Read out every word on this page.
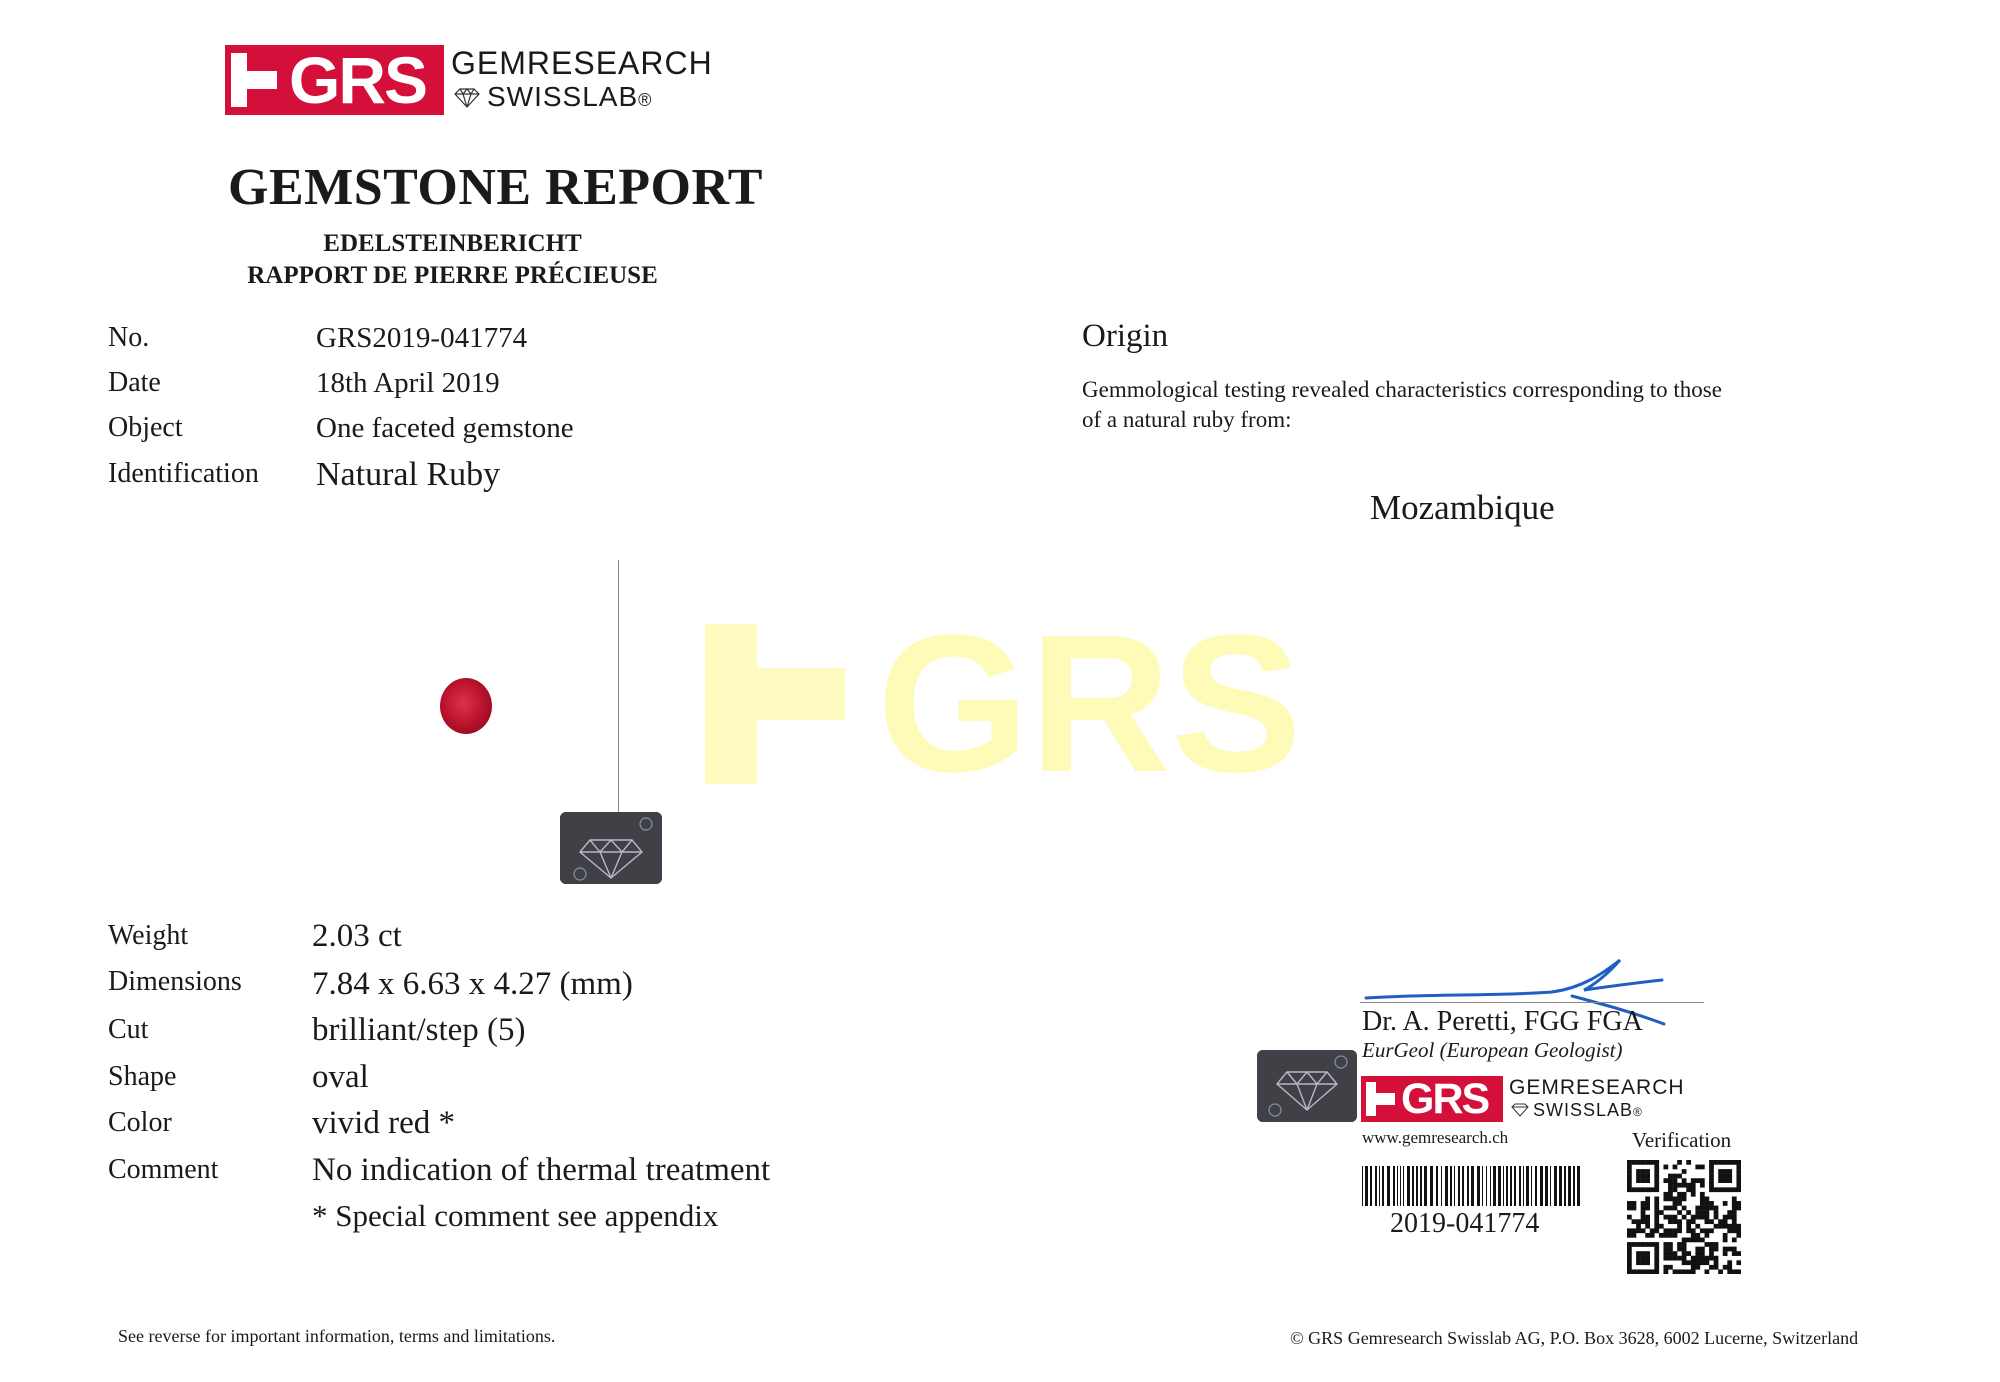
GRS
GRS GEMRESEARCH
SWISSLAB®
GEMSTONE REPORT
EDELSTEINBERICHT
RAPPORT DE PIERRE PRÉCIEUSE
No.	GRS2019-041774
Date	18th April 2019
Object	One faceted gemstone
Identification Natural Ruby
Weight	2.03 ct
Dimensions 7.84 x 6.63 x 4.27 (mm)
Cut	brilliant/step (5)
Shape	oval
Color	vivid red *
Comment	No indication of thermal treatment
* Special comment see appendix
Origin
Gemmological testing revealed characteristics corresponding to those
of a natural ruby from:
Mozambique
Dr. A. Peretti, FGG FGA
EurGeol (European Geologist)
GRS GEMRESEARCH
SWISSLAB®
www.gemresearch.ch	Verification
2019-041774
See reverse for important information, terms and limitations.	© GRS Gemresearch Swisslab AG, P.O. Box 3628, 6002 Lucerne, Switzerland
